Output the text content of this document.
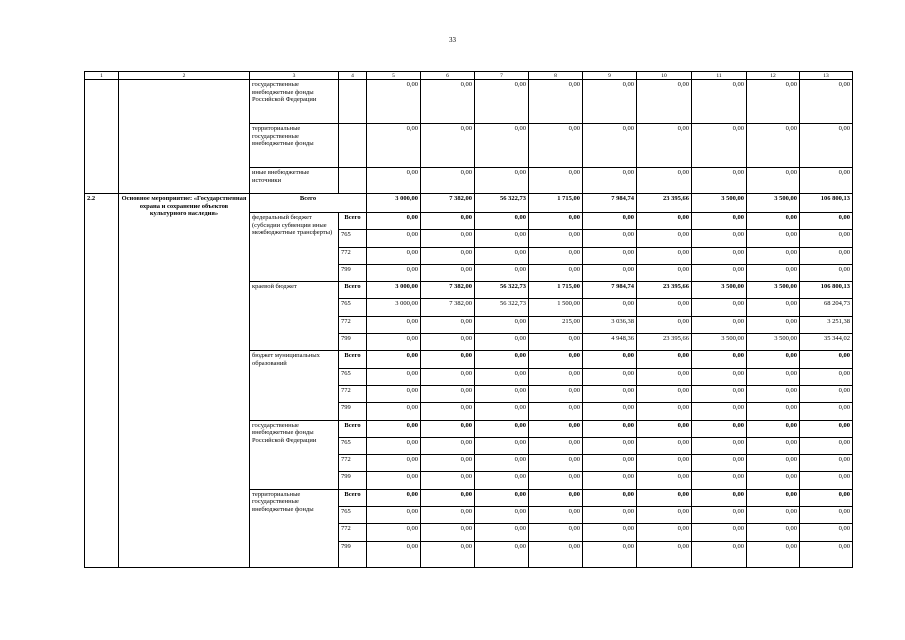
33
1	2	3	4	5	6	7	8	9	10	11	12	13
		государственные внебюджетные фонды Российской Федерации		0,00	0,00	0,00	0,00	0,00	0,00	0,00	0,00	0,00
		территориальные государственные внебюджетные фонды		0,00	0,00	0,00	0,00	0,00	0,00	0,00	0,00	0,00
		иные внебюджетные источники		0,00	0,00	0,00	0,00	0,00	0,00	0,00	0,00	0,00
2.2	Основное мероприятие: «Государственная охрана и сохранение объектов культурного наследия»	Всего		3 000,00	7 382,00	56 322,73	1 715,00	7 984,74	23 395,66	3 500,00	3 500,00	106 800,13
		федеральный бюджет (субсидии субвенции иные межбюджетные трансферты)	Всего	0,00	0,00	0,00	0,00	0,00	0,00	0,00	0,00	0,00
			765	0,00	0,00	0,00	0,00	0,00	0,00	0,00	0,00	0,00
			772	0,00	0,00	0,00	0,00	0,00	0,00	0,00	0,00	0,00
			799	0,00	0,00	0,00	0,00	0,00	0,00	0,00	0,00	0,00
		краевой бюджет	Всего	3 000,00	7 382,00	56 322,73	1 715,00	7 984,74	23 395,66	3 500,00	3 500,00	106 800,13
			765	3 000,00	7 382,00	56 322,73	1 500,00	0,00	0,00	0,00	0,00	68 204,73
			772	0,00	0,00	0,00	215,00	3 036,38	0,00	0,00	0,00	3 251,38
			799	0,00	0,00	0,00	0,00	4 948,36	23 395,66	3 500,00	3 500,00	35 344,02
		бюджет муниципальных образований	Всего	0,00	0,00	0,00	0,00	0,00	0,00	0,00	0,00	0,00
			765	0,00	0,00	0,00	0,00	0,00	0,00	0,00	0,00	0,00
			772	0,00	0,00	0,00	0,00	0,00	0,00	0,00	0,00	0,00
			799	0,00	0,00	0,00	0,00	0,00	0,00	0,00	0,00	0,00
		государственные внебюджетные фонды Российской Федерации	Всего	0,00	0,00	0,00	0,00	0,00	0,00	0,00	0,00	0,00
			765	0,00	0,00	0,00	0,00	0,00	0,00	0,00	0,00	0,00
			772	0,00	0,00	0,00	0,00	0,00	0,00	0,00	0,00	0,00
			799	0,00	0,00	0,00	0,00	0,00	0,00	0,00	0,00	0,00
		территориальные государственные внебюджетные фонды	Всего	0,00	0,00	0,00	0,00	0,00	0,00	0,00	0,00	0,00
			765	0,00	0,00	0,00	0,00	0,00	0,00	0,00	0,00	0,00
			772	0,00	0,00	0,00	0,00	0,00	0,00	0,00	0,00	0,00
			799	0,00	0,00	0,00	0,00	0,00	0,00	0,00	0,00	0,00
